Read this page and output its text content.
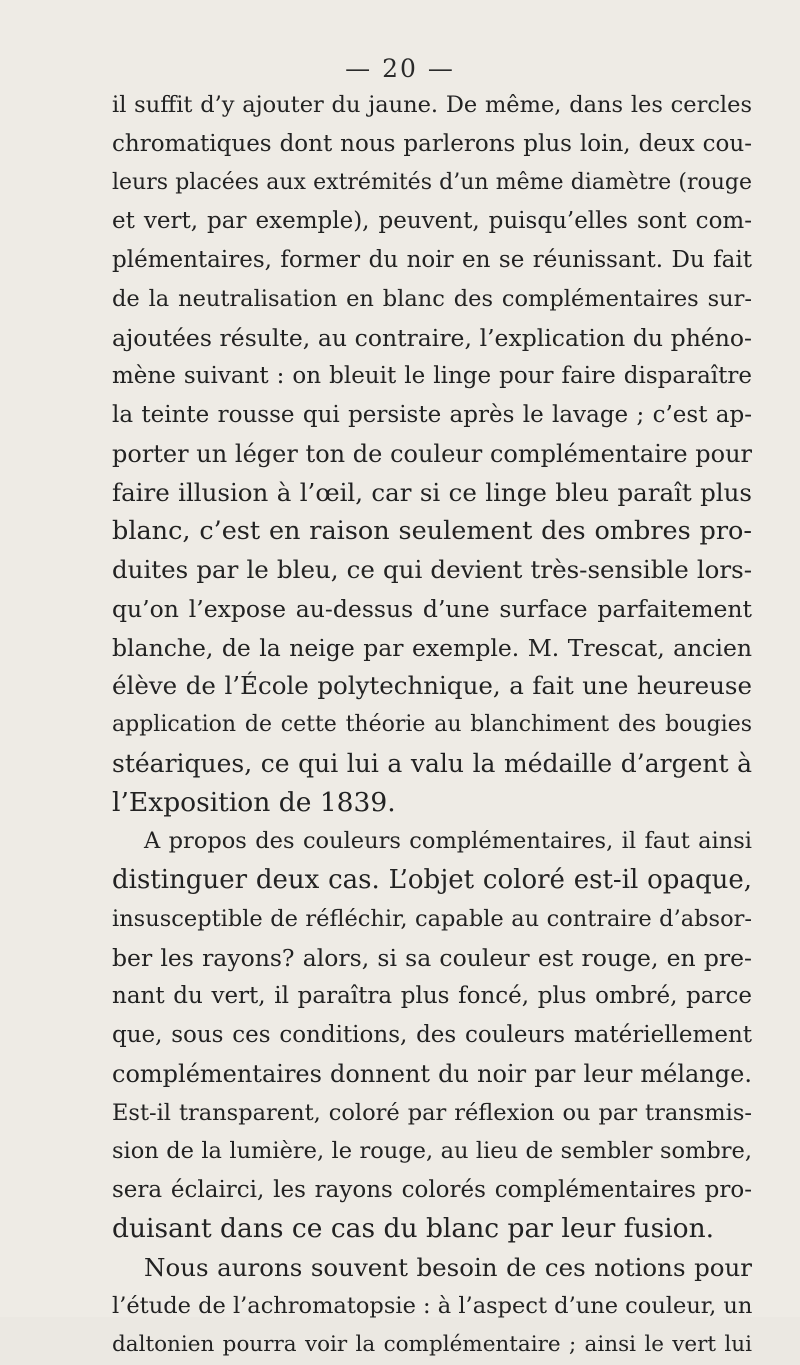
— 20 —
il suffit d’y ajouter du jaune. De même, dans les cercles
chromatiques dont nous parlerons plus loin, deux cou-
leurs placées aux extrémités d’un même diamètre (rouge
et vert, par exemple), peuvent, puisqu’elles sont com-
plémentaires, former du noir en se réunissant. Du fait
de la neutralisation en blanc des complémentaires sur-
ajoutées résulte, au contraire, l’explication du phéno-
mène suivant : on bleuit le linge pour faire disparaître
la teinte rousse qui persiste après le lavage ; c’est ap-
porter un léger ton de couleur complémentaire pour
faire illusion à l’œil, car si ce linge bleu paraît plus
blanc, c’est en raison seulement des ombres pro-
duites par le bleu, ce qui devient très-sensible lors-
qu’on l’expose au-dessus d’une surface parfaitement
blanche, de la neige par exemple. M. Trescat, ancien
élève de l’École polytechnique, a fait une heureuse
application de cette théorie au blanchiment des bougies
stéariques, ce qui lui a valu la médaille d’argent à
l’Exposition de 1839.
A propos des couleurs complémentaires, il faut ainsi
distinguer deux cas. L’objet coloré est-il opaque,
insusceptible de réfléchir, capable au contraire d’absor-
ber les rayons? alors, si sa couleur est rouge, en pre-
nant du vert, il paraîtra plus foncé, plus ombré, parce
que, sous ces conditions, des couleurs matériellement
complémentaires donnent du noir par leur mélange.
Est-il transparent, coloré par réflexion ou par transmis-
sion de la lumière, le rouge, au lieu de sembler sombre,
sera éclairci, les rayons colorés complémentaires pro-
duisant dans ce cas du blanc par leur fusion.
Nous aurons souvent besoin de ces notions pour
l’étude de l’achromatopsie : à l’aspect d’une couleur, un
daltonien pourra voir la complémentaire ; ainsi le vert lui
